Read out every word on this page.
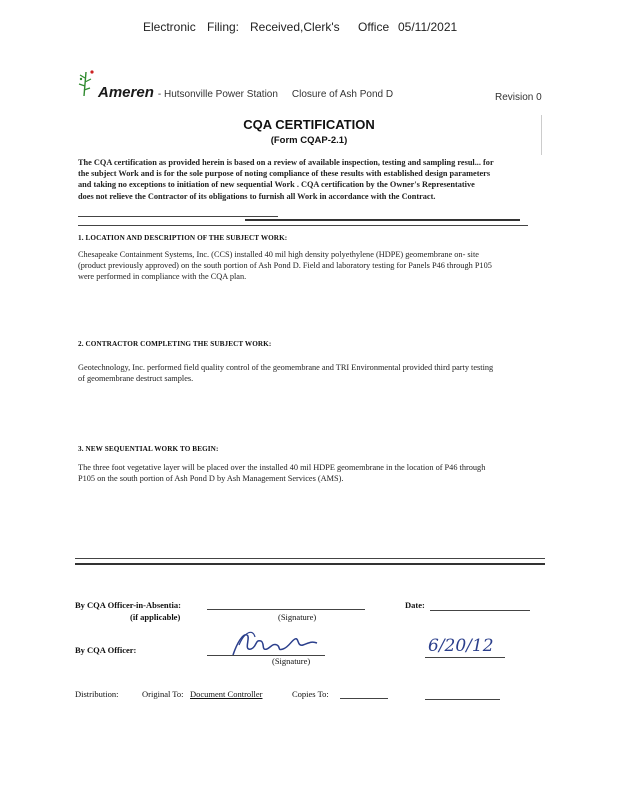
Electronic Filing: Received,Clerk's Office 05/11/2021
Ameren - Hutsonville Power Station Closure of Ash Pond D	Revision 0
CQA CERTIFICATION
(Form CQAP-2.1)
The CQA certification as provided herein is based on a review of available inspection, testing and sampling resul... for
the subject Work and is for the sole purpose of noting compliance of these results with established design parameters
and taking no exceptions to initiation of new sequential Work . CQA certification by the Owner's Representative
does not relieve the Contractor of its obligations to furnish all Work in accordance with the Contract.
1. LOCATION AND DESCRIPTION OF THE SUBJECT WORK:
Chesapeake Containment Systems, Inc. (CCS) installed 40 mil high density polyethylene (HDPE) geomembrane on- site
(product previously approved) on the south portion of Ash Pond D. Field and laboratory testing for Panels P46 through P105
were performed in compliance with the CQA plan.
2. CONTRACTOR COMPLETING THE SUBJECT WORK:
Geotechnology, Inc. performed field quality control of the geomembrane and TRI Environmental provided third party testing
of geomembrane destruct samples.
3. NEW SEQUENTIAL WORK TO BEGIN:
The three foot vegetative layer will be placed over the installed 40 mil HDPE geomembrane in the location of P46 through
P105 on the south portion of Ash Pond D by Ash Management Services (AMS).
By CQA Officer-in-Absentia:
(if applicable)	(Signature)
Date:
By CQA Officer:
(Signature)
6/20/12
Distribution:	Original To: Document Controller	Copies To:
